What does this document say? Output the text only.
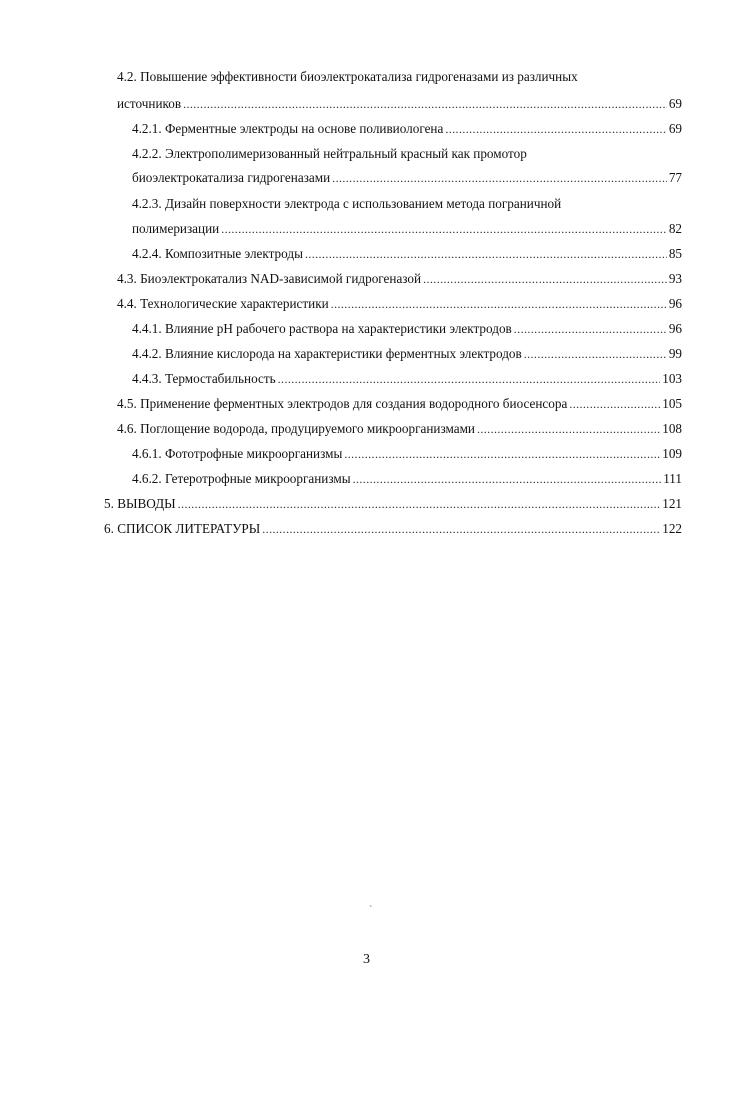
4.2. Повышение эффективности биоэлектрокатализа гидрогеназами из различных
источников .....	69
4.2.1. Ферментные электроды на основе поливиологена .....	69
4.2.2. Электрополимеризованный нейтральный красный как промотор
биоэлектрокатализа гидрогеназами .....	77
4.2.3. Дизайн поверхности электрода с использованием метода пограничной
полимеризации .....	82
4.2.4. Композитные электроды .....	85
4.3. Биоэлектрокатализ NAD-зависимой гидрогеназой .....	93
4.4. Технологические характеристики .....	96
4.4.1. Влияние pH рабочего раствора на характеристики электродов .....	96
4.4.2. Влияние кислорода на характеристики ферментных электродов .....	99
4.4.3. Термостабильность .....	103
4.5. Применение ферментных электродов для создания водородного биосенсора .....	105
4.6. Поглощение водорода, продуцируемого микроорганизмами .....	108
4.6.1. Фототрофные микроорганизмы .....	109
4.6.2. Гетеротрофные микроорганизмы .....	111
5. ВЫВОДЫ .....	121
6. СПИСОК ЛИТЕРАТУРЫ .....	122
`
3
